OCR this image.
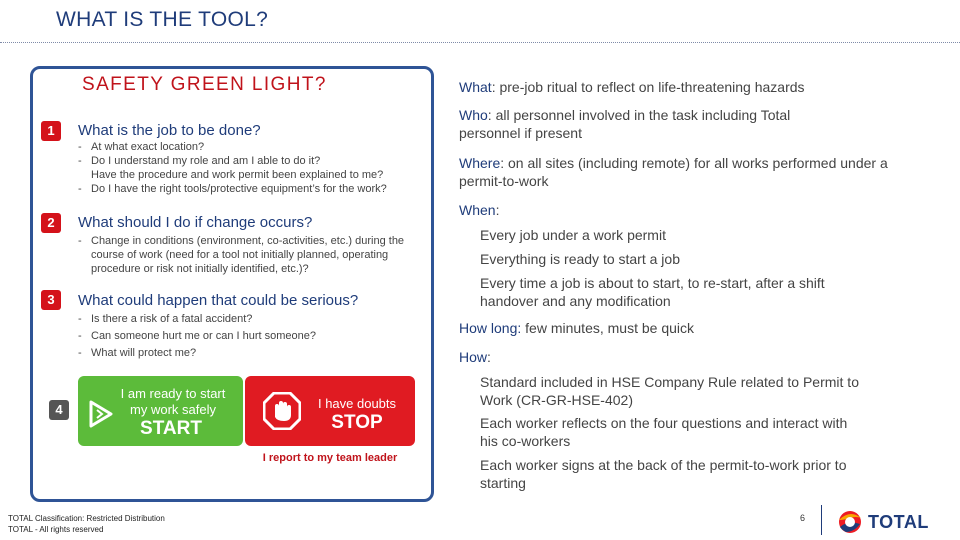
WHAT IS THE TOOL?
SAFETY GREEN LIGHT?
1	What is the job to be done?
- At what exact location?
- Do I understand my role and am I able to do it?
Have the procedure and work permit been explained to me?
- Do I have the right tools/protective equipment’s for the work?
2	What should I do if change occurs?
- Change in conditions (environment, co-activities, etc.) during the course of work (need for a tool not initially planned, operating procedure or risk not initially identified, etc.)?
3	What could happen that could be serious?
- Is there a risk of a fatal accident?
- Can someone hurt me or can I hurt someone?
- What will protect me?
4
I am ready to start
my work safely
START
I have doubts
STOP
I report to my team leader
What: pre-job ritual to reflect on life-threatening hazards
Who: all personnel involved in the task including Total personnel if present
Where: on all sites (including remote) for all works performed under a permit-to-work
When:
Every job under a work permit
Everything is ready to start a job
Every time a job is about to start, to re-start, after a shift handover and any modification
How long: few minutes, must be quick
How:
Standard included in HSE Company Rule related to Permit to Work (CR-GR-HSE-402)
Each worker reflects on the four questions and interact with his co-workers
Each worker signs at the back of the permit-to-work prior to starting
TOTAL Classification: Restricted Distribution
TOTAL - All rights reserved
6	TOTAL
